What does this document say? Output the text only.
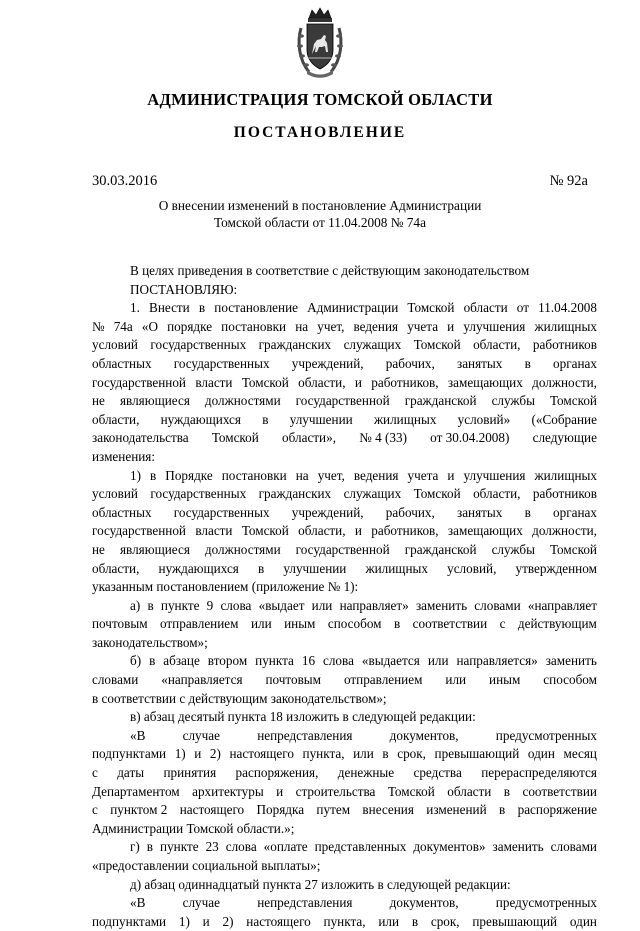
АДМИНИСТРАЦИЯ ТОМСКОЙ ОБЛАСТИ
ПОСТАНОВЛЕНИЕ
30.03.2016	№ 92а
О внесении изменений в постановление Администрации
Томской области от 11.04.2008 № 74а
В целях приведения в соответствие с действующим законодательством
ПОСТАНОВЛЯЮ:
1. Внести в постановление Администрации Томской области от 11.04.2008
№ 74а «О порядке постановки на учет, ведения учета и улучшения жилищных
условий государственных гражданских служащих Томской области, работников
областных государственных учреждений, рабочих, занятых в органах
государственной власти Томской области, и работников, замещающих должности,
не являющиеся должностями государственной гражданской службы Томской
области, нуждающихся в улучшении жилищных условий» («Собрание
законодательства Томской области», № 4 (33) от 30.04.2008) следующие
изменения:
1) в Порядке постановки на учет, ведения учета и улучшения жилищных
условий государственных гражданских служащих Томской области, работников
областных государственных учреждений, рабочих, занятых в органах
государственной власти Томской области, и работников, замещающих должности,
не являющиеся должностями государственной гражданской службы Томской
области, нуждающихся в улучшении жилищных условий, утвержденном
указанным постановлением (приложение № 1):
а) в пункте 9 слова «выдает или направляет» заменить словами «направляет
почтовым отправлением или иным способом в соответствии с действующим
законодательством»;
б) в абзаце втором пункта 16 слова «выдается или направляется» заменить
словами «направляется почтовым отправлением или иным способом
в соответствии с действующим законодательством»;
в) абзац десятый пункта 18 изложить в следующей редакции:
«В	случае	непредставления	документов,	предусмотренных
подпунктами 1) и 2) настоящего пункта, или в срок, превышающий один месяц
с даты принятия распоряжения, денежные средства перераспределяются
Департаментом архитектуры и строительства Томской области в соответствии
с пунктом 2 настоящего Порядка путем внесения изменений в распоряжение
Администрации Томской области.»;
г) в пункте 23 слова «оплате представленных документов» заменить словами
«предоставлении социальной выплаты»;
д) абзац одиннадцатый пункта 27 изложить в следующей редакции:
«В	случае	непредставления	документов,	предусмотренных
подпунктами 1) и 2) настоящего пункта, или в срок, превышающий один
